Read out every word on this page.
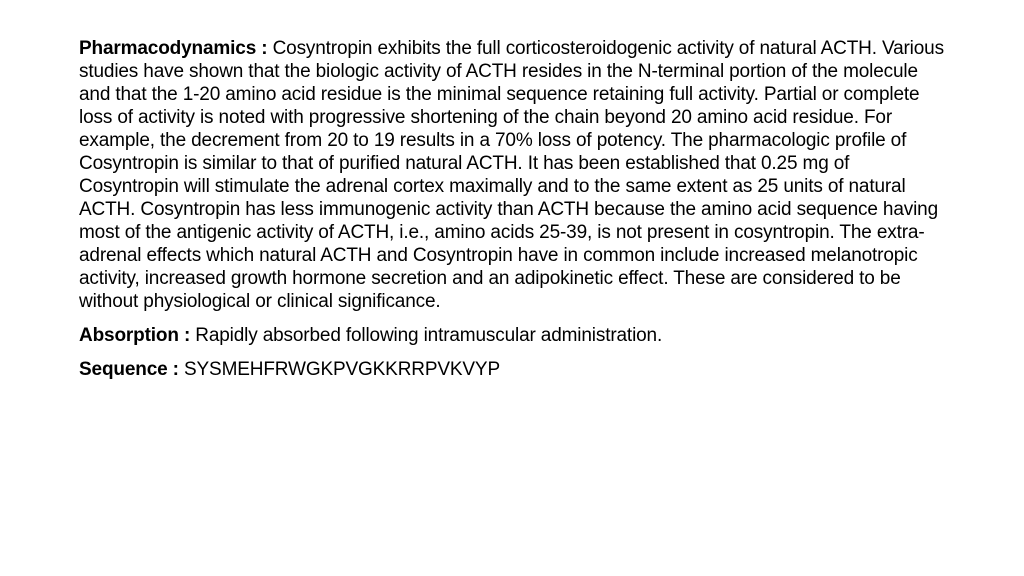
Pharmacodynamics : Cosyntropin exhibits the full corticosteroidogenic activity of natural ACTH. Various studies have shown that the biologic activity of ACTH resides in the N-terminal portion of the molecule and that the 1-20 amino acid residue is the minimal sequence retaining full activity. Partial or complete loss of activity is noted with progressive shortening of the chain beyond 20 amino acid residue. For example, the decrement from 20 to 19 results in a 70% loss of potency. The pharmacologic profile of Cosyntropin is similar to that of purified natural ACTH. It has been established that 0.25 mg of Cosyntropin will stimulate the adrenal cortex maximally and to the same extent as 25 units of natural ACTH. Cosyntropin has less immunogenic activity than ACTH because the amino acid sequence having most of the antigenic activity of ACTH, i.e., amino acids 25-39, is not present in cosyntropin. The extra-adrenal effects which natural ACTH and Cosyntropin have in common include increased melanotropic activity, increased growth hormone secretion and an adipokinetic effect. These are considered to be without physiological or clinical significance.

Absorption : Rapidly absorbed following intramuscular administration.

Sequence : SYSMEHFRWGKPVGKKRRPVKVYP
